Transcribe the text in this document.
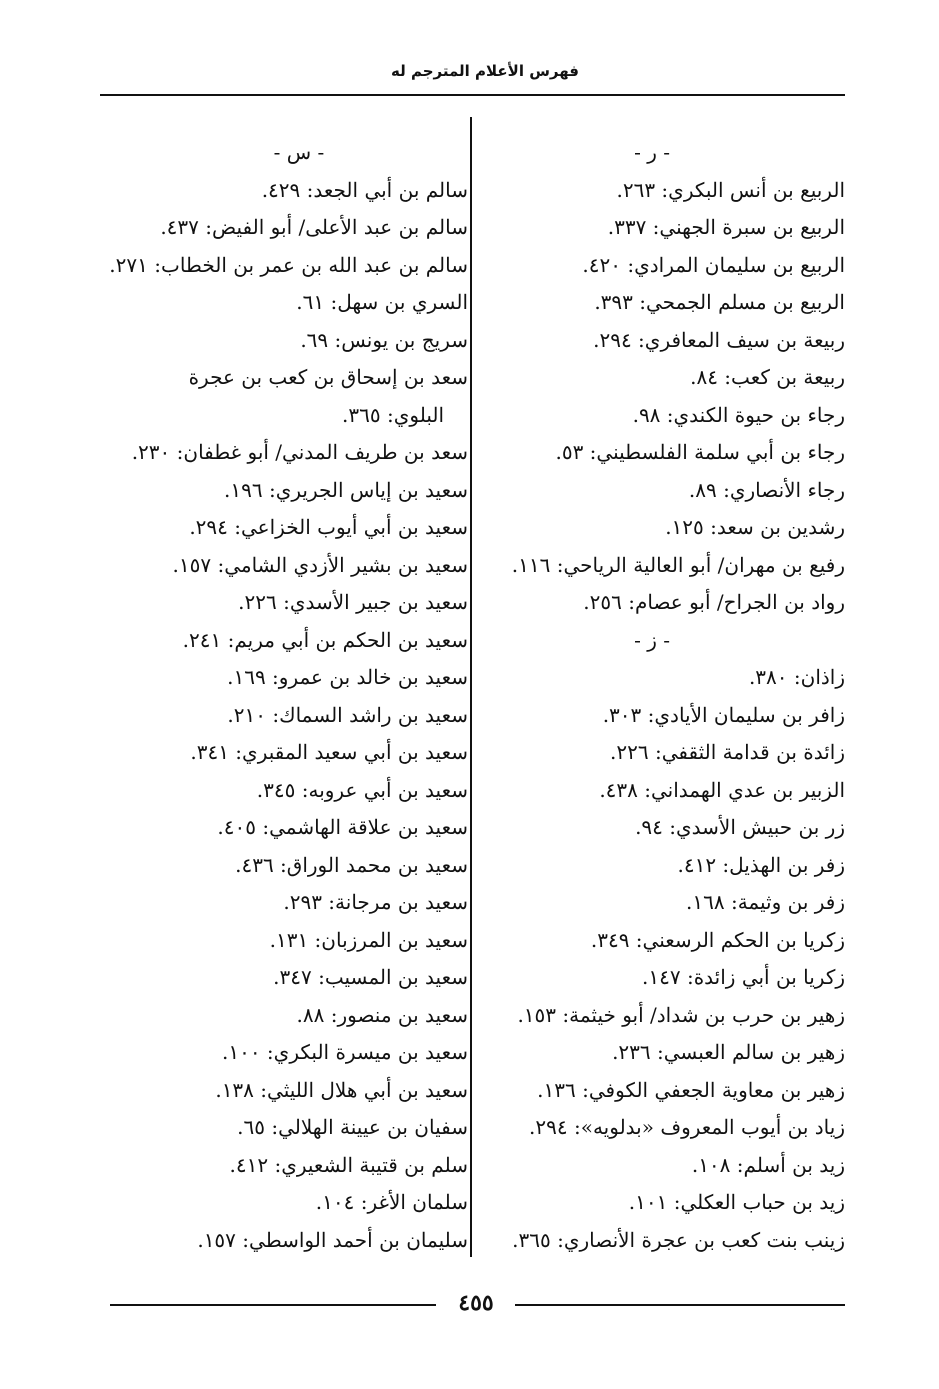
فهرس الأعلام المترجم له
- ر -
الربيع بن أنس البكري: ٢٦٣.
الربيع بن سبرة الجهني: ٣٣٧.
الربيع بن سليمان المرادي: ٤٢٠.
الربيع بن مسلم الجمحي: ٣٩٣.
ربيعة بن سيف المعافري: ٢٩٤.
ربيعة بن كعب: ٨٤.
رجاء بن حيوة الكندي: ٩٨.
رجاء بن أبي سلمة الفلسطيني: ٥٣.
رجاء الأنصاري: ٨٩.
رشدين بن سعد: ١٢٥.
رفيع بن مهران/ أبو العالية الرياحي: ١١٦.
رواد بن الجراح/ أبو عصام: ٢٥٦.
- ز -
زاذان: ٣٨٠.
زافر بن سليمان الأيادي: ٣٠٣.
زائدة بن قدامة الثقفي: ٢٢٦.
الزبير بن عدي الهمداني: ٤٣٨.
زر بن حبيش الأسدي: ٩٤.
زفر بن الهذيل: ٤١٢.
زفر بن وثيمة: ١٦٨.
زكريا بن الحكم الرسعني: ٣٤٩.
زكريا بن أبي زائدة: ١٤٧.
زهير بن حرب بن شداد/ أبو خيثمة: ١٥٣.
زهير بن سالم العبسي: ٢٣٦.
زهير بن معاوية الجعفي الكوفي: ١٣٦.
زياد بن أيوب المعروف «بدلويه»: ٢٩٤.
زيد بن أسلم: ١٠٨.
زيد بن حباب العكلي: ١٠١.
زينب بنت كعب بن عجرة الأنصاري: ٣٦٥.
- س -
سالم بن أبي الجعد: ٤٢٩.
سالم بن عبد الأعلى/ أبو الفيض: ٤٣٧.
سالم بن عبد الله بن عمر بن الخطاب: ٢٧١.
السري بن سهل: ٦١.
سريج بن يونس: ٦٩.
سعد بن إسحاق بن كعب بن عجرة
البلوي: ٣٦٥.
سعد بن طريف المدني/ أبو غطفان: ٢٣٠.
سعيد بن إياس الجريري: ١٩٦.
سعيد بن أبي أيوب الخزاعي: ٢٩٤.
سعيد بن بشير الأزدي الشامي: ١٥٧.
سعيد بن جبير الأسدي: ٢٢٦.
سعيد بن الحكم بن أبي مريم: ٢٤١.
سعيد بن خالد بن عمرو: ١٦٩.
سعيد بن راشد السماك: ٢١٠.
سعيد بن أبي سعيد المقبري: ٣٤١.
سعيد بن أبي عروبه: ٣٤٥.
سعيد بن علاقة الهاشمي: ٤٠٥.
سعيد بن محمد الوراق: ٤٣٦.
سعيد بن مرجانة: ٢٩٣.
سعيد بن المرزبان: ١٣١.
سعيد بن المسيب: ٣٤٧.
سعيد بن منصور: ٨٨.
سعيد بن ميسرة البكري: ١٠٠.
سعيد بن أبي هلال الليثي: ١٣٨.
سفيان بن عيينة الهلالي: ٦٥.
سلم بن قتيبة الشعيري: ٤١٢.
سلمان الأغر: ١٠٤.
سليمان بن أحمد الواسطي: ١٥٧.
٤٥٥
